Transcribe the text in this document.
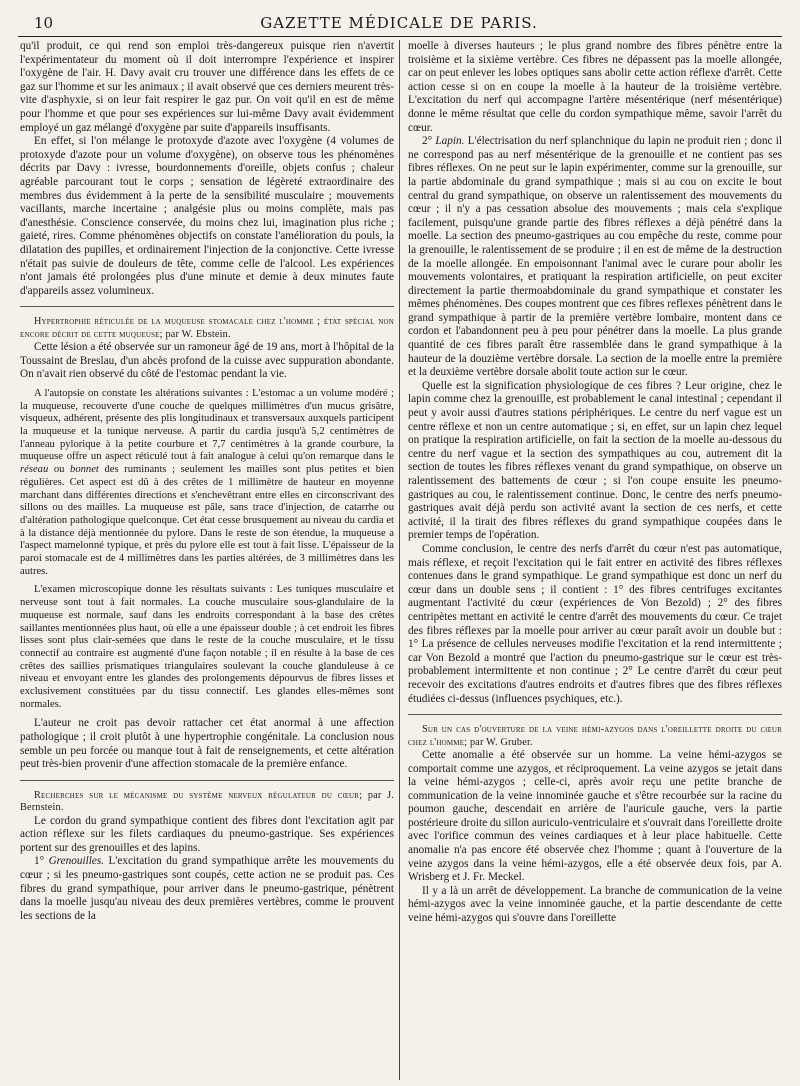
10	GAZETTE MÉDICALE DE PARIS.

qu'il produit, ce qui rend son emploi très-dangereux puisque rien n'avertit l'expérimentateur du moment où il doit interrompre l'expérience et inspirer l'oxygène de l'air. H. Davy avait cru trouver une différence dans les effets de ce gaz sur l'homme et sur les animaux ; il avait observé que ces derniers meurent très-vite d'asphyxie, si on leur fait respirer le gaz pur. On voit qu'il en est de même pour l'homme et que pour ses expériences sur lui-même Davy avait évidemment employé un gaz mélangé d'oxygène par suite d'appareils insuffisants.

En effet, si l'on mélange le protoxyde d'azote avec l'oxygène (4 volumes de protoxyde d'azote pour un volume d'oxygène), on observe tous les phénomènes décrits par Davy : ivresse, bourdonnements d'oreille, objets confus ; chaleur agréable parcourant tout le corps ; sensation de légèreté extraordinaire des membres dus évidemment à la perte de la sensibilité musculaire ; mouvements vacillants, marche incertaine ; analgésie plus ou moins complète, mais pas d'anesthésie. Conscience conservée, du moins chez lui, imagination plus riche ; gaieté, rires. Comme phénomènes objectifs on constate l'amélioration du pouls, la dilatation des pupilles, et ordinairement l'injection de la conjonctive. Cette ivresse n'était pas suivie de douleurs de tête, comme celle de l'alcool. Les expériences n'ont jamais été prolongées plus d'une minute et demie à deux minutes faute d'appareils assez volumineux.

Hypertrophie réticulée de la muqueuse stomacale chez l'homme ; état spécial non encore décrit de cette muqueuse; par W. Ebstein.

Cette lésion a été observée sur un ramoneur âgé de 19 ans, mort à l'hôpital de la Toussaint de Breslau, d'un abcès profond de la cuisse avec suppuration abondante. On n'avait rien observé du côté de l'estomac pendant la vie.

A l'autopsie on constate les altérations suivantes : L'estomac a un volume modéré ; la muqueuse, recouverte d'une couche de quelques millimètres d'un mucus grisâtre, visqueux, adhérent, présente des plis longitudinaux et transversaux auxquels participent la muqueuse et la tunique nerveuse. A partir du cardia jusqu'à 5,2 centimètres de l'anneau pylorique à la petite courbure et 7,7 centimètres à la grande courbure, la muqueuse offre un aspect réticulé tout à fait analogue à celui qu'on remarque dans le réseau ou bonnet des ruminants ; seulement les mailles sont plus petites et bien régulières. Cet aspect est dû à des crêtes de 1 millimètre de hauteur en moyenne marchant dans différentes directions et s'enchevêtrant entre elles en circonscrivant des sillons ou des mailles. La muqueuse est pâle, sans trace d'injection, de catarrhe ou d'altération pathologique quelconque. Cet état cesse brusquement au niveau du cardia et à la distance déjà mentionnée du pylore. Dans le reste de son étendue, la muqueuse a l'aspect mamelonné typique, et près du pylore elle est tout à fait lisse. L'épaisseur de la paroi stomacale est de 4 millimètres dans les parties altérées, de 3 millimètres dans les autres.

L'examen microscopique donne les résultats suivants : Les tuniques musculaire et nerveuse sont tout à fait normales. La couche musculaire sous-glandulaire de la muqueuse est normale, sauf dans les endroits correspondant à la base des crêtes saillantes mentionnées plus haut, où elle a une épaisseur double ; à cet endroit les fibres lisses sont plus clair-semées que dans le reste de la couche musculaire, et le tissu connectif au contraire est augmenté d'une façon notable ; il en résulte à la base de ces crêtes des saillies prismatiques triangulaires soulevant la couche glanduleuse à ce niveau et envoyant entre les glandes des prolongements dépourvus de fibres lisses et exclusivement constituées par du tissu connectif. Les glandes elles-mêmes sont normales.

L'auteur ne croit pas devoir rattacher cet état anormal à une affection pathologique ; il croit plutôt à une hypertrophie congénitale. La conclusion nous semble un peu forcée ou manque tout à fait de renseignements, et cette altération peut très-bien provenir d'une affection stomacale de la première enfance.

Recherches sur le mécanisme du système nerveux régulateur du cœur; par J. Bernstein.

Le cordon du grand sympathique contient des fibres dont l'excitation agit par action réflexe sur les filets cardiaques du pneumo-gastrique. Ses expériences portent sur des grenouilles et des lapins.

1° Grenouilles. L'excitation du grand sympathique arrête les mouvements du cœur ; si les pneumo-gastriques sont coupés, cette action ne se produit pas. Ces fibres du grand sympathique, pour arriver dans le pneumo-gastrique, pénètrent dans la moelle jusqu'au niveau des deux premières vertèbres, comme le prouvent les sections de la

moelle à diverses hauteurs ; le plus grand nombre des fibres pénètre entre la troisième et la sixième vertèbre. Ces fibres ne dépassent pas la moelle allongée, car on peut enlever les lobes optiques sans abolir cette action réflexe d'arrêt. Cette action cesse si on en coupe la moelle à la hauteur de la troisième vertèbre. L'excitation du nerf qui accompagne l'artère mésentérique (nerf mésentérique) donne le même résultat que celle du cordon sympathique même, savoir l'arrêt du cœur.

2° Lapin. L'électrisation du nerf splanchnique du lapin ne produit rien ; donc il ne correspond pas au nerf mésentérique de la grenouille et ne contient pas ses fibres réflexes. On ne peut sur le lapin expérimenter, comme sur la grenouille, sur la partie abdominale du grand sympathique ; mais si au cou on excite le bout central du grand sympathique, on observe un ralentissement des mouvements du cœur ; il n'y a pas cessation absolue des mouvements ; mais cela s'explique facilement, puisqu'une grande partie des fibres réflexes a déjà pénétré dans la moelle. La section des pneumo-gastriques au cou empêche du reste, comme pour la grenouille, le ralentissement de se produire ; il en est de même de la destruction de la moelle allongée. En empoisonnant l'animal avec le curare pour abolir les mouvements volontaires, et pratiquant la respiration artificielle, on peut exciter directement la partie thermoabdominale du grand sympathique et constater les mêmes phénomènes. Des coupes montrent que ces fibres reflexes pénètrent dans le grand sympathique à partir de la première vertèbre lombaire, montent dans ce cordon et l'abandonnent peu à peu pour pénétrer dans la moelle. La plus grande quantité de ces fibres paraît être rassemblée dans le grand sympathique à la hauteur de la douzième vertèbre dorsale. La section de la moelle entre la première et la deuxième vertèbre dorsale abolit toute action sur le cœur.

Quelle est la signification physiologique de ces fibres ? Leur origine, chez le lapin comme chez la grenouille, est probablement le canal intestinal ; cependant il peut y avoir aussi d'autres stations périphériques. Le centre du nerf vague est un centre réflexe et non un centre automatique ; si, en effet, sur un lapin chez lequel on pratique la respiration artificielle, on fait la section de la moelle au-dessous du centre du nerf vague et la section des sympathiques au cou, autrement dit la section de toutes les fibres réflexes venant du grand sympathique, on observe un ralentissement des battements de cœur ; si l'on coupe ensuite les pneumo-gastriques au cou, le ralentissement continue. Donc, le centre des nerfs pneumo-gastriques avait déjà perdu son activité avant la section de ces nerfs, et cette activité, il la tirait des fibres réflexes du grand sympathique coupées dans le premier temps de l'opération.

Comme conclusion, le centre des nerfs d'arrêt du cœur n'est pas automatique, mais réflexe, et reçoit l'excitation qui le fait entrer en activité des fibres réflexes contenues dans le grand sympathique. Le grand sympathique est donc un nerf du cœur dans un double sens ; il contient : 1° des fibres centrifuges excitantes augmentant l'activité du cœur (expériences de Von Bezold) ; 2° des fibres centripètes mettant en activité le centre d'arrêt des mouvements du cœur. Ce trajet des fibres réflexes par la moelle pour arriver au cœur paraît avoir un double but : 1° La présence de cellules nerveuses modifie l'excitation et la rend intermittente ; car Von Bezold a montré que l'action du pneumo-gastrique sur le cœur est très-probablement intermittente et non continue ; 2° Le centre d'arrêt du cœur peut recevoir des excitations d'autres endroits et d'autres fibres que des fibres réflexes étudiées ci-dessus (influences psychiques, etc.).

Sur un cas d'ouverture de la veine hémi-azygos dans l'oreillette droite du cœur chez l'homme; par W. Gruber.

Cette anomalie a été observée sur un homme. La veine hémi-azygos se comportait comme une azygos, et réciproquement. La veine azygos se jetait dans la veine hémi-azygos ; celle-ci, après avoir reçu une petite branche de communication de la veine innominée gauche et s'être recourbée sur la racine du poumon gauche, descendait en arrière de l'auricule gauche, vers la partie postérieure droite du sillon auriculo-ventriculaire et s'ouvrait dans l'oreillette droite avec l'orifice commun des veines cardiaques et à leur place habituelle. Cette anomalie n'a pas encore été observée chez l'homme ; quant à l'ouverture de la veine azygos dans la veine hémi-azygos, elle a été observée deux fois, par A. Wrisberg et J. Fr. Meckel.

Il y a là un arrêt de développement. La branche de communication de la veine hémi-azygos avec la veine innominée gauche, et la partie descendante de cette veine hémi-azygos qui s'ouvre dans l'oreillette
